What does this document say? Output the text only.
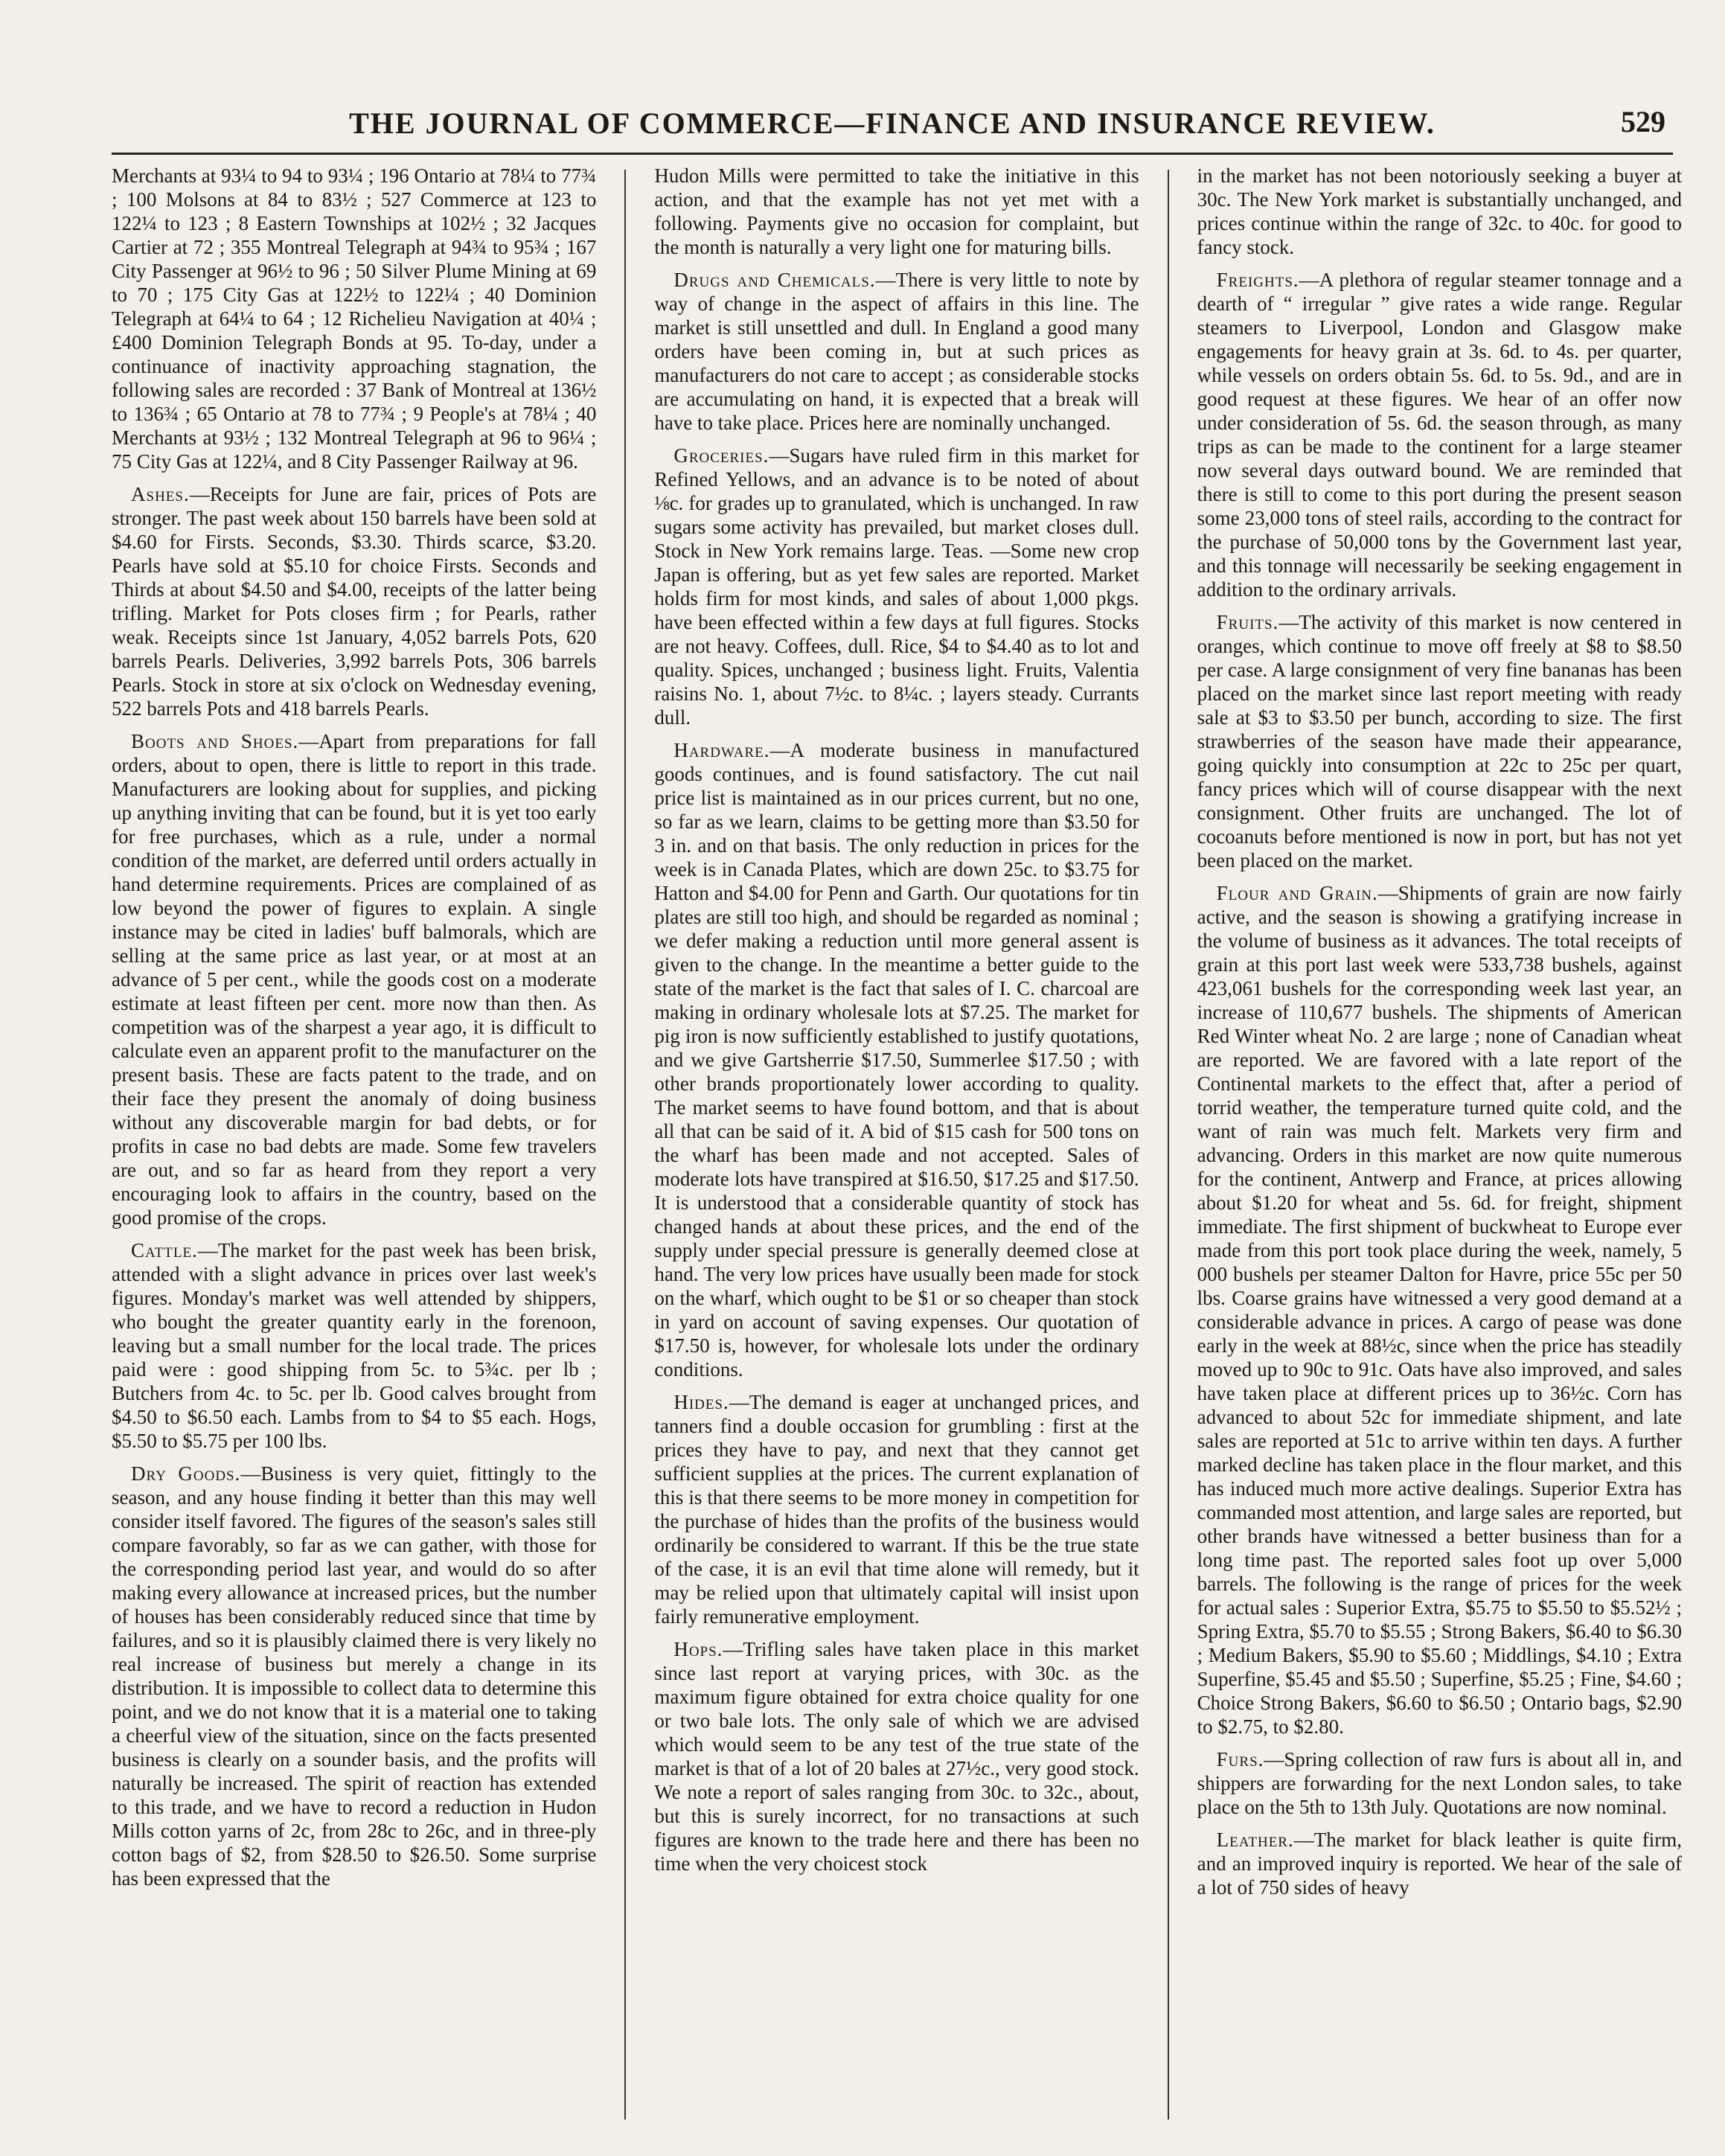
THE JOURNAL OF COMMERCE—FINANCE AND INSURANCE REVIEW.	529

Merchants at 93¼ to 94 to 93¼ ; 196 Ontario at 78¼ to 77¾ ; 100 Molsons at 84 to 83½ ; 527 Commerce at 123 to 122¼ to 123 ; 8 Eastern Townships at 102½ ; 32 Jacques Cartier at 72 ; 355 Montreal Telegraph at 94¾ to 95¾ ; 167 City Passenger at 96½ to 96 ; 50 Silver Plume Mining at 69 to 70 ; 175 City Gas at 122½ to 122¼ ; 40 Dominion Telegraph at 64¼ to 64 ; 12 Richelieu Navigation at 40¼ ; £400 Dominion Telegraph Bonds at 95. To-day, under a continuance of inactivity approaching stagnation, the following sales are recorded : 37 Bank of Montreal at 136½ to 136¾ ; 65 Ontario at 78 to 77¾ ; 9 People's at 78¼ ; 40 Merchants at 93½ ; 132 Montreal Telegraph at 96 to 96¼ ; 75 City Gas at 122¼, and 8 City Passenger Railway at 96.

Ashes.—Receipts for June are fair, prices of Pots are stronger. The past week about 150 barrels have been sold at $4.60 for Firsts. Seconds, $3.30. Thirds scarce, $3.20. Pearls have sold at $5.10 for choice Firsts. Seconds and Thirds at about $4.50 and $4.00, receipts of the latter being trifling. Market for Pots closes firm ; for Pearls, rather weak. Receipts since 1st January, 4,052 barrels Pots, 620 barrels Pearls. Deliveries, 3,992 barrels Pots, 306 barrels Pearls. Stock in store at six o'clock on Wednesday evening, 522 barrels Pots and 418 barrels Pearls.

Boots and Shoes.—Apart from preparations for fall orders, about to open, there is little to report in this trade. Manufacturers are looking about for supplies, and picking up anything inviting that can be found, but it is yet too early for free purchases, which as a rule, under a normal condition of the market, are deferred until orders actually in hand determine requirements. Prices are complained of as low beyond the power of figures to explain. A single instance may be cited in ladies' buff balmorals, which are selling at the same price as last year, or at most at an advance of 5 per cent., while the goods cost on a moderate estimate at least fifteen per cent. more now than then. As competition was of the sharpest a year ago, it is difficult to calculate even an apparent profit to the manufacturer on the present basis. These are facts patent to the trade, and on their face they present the anomaly of doing business without any discoverable margin for bad debts, or for profits in case no bad debts are made. Some few travelers are out, and so far as heard from they report a very encouraging look to affairs in the country, based on the good promise of the crops.

Cattle.—The market for the past week has been brisk, attended with a slight advance in prices over last week's figures. Monday's market was well attended by shippers, who bought the greater quantity early in the forenoon, leaving but a small number for the local trade. The prices paid were : good shipping from 5c. to 5¾c. per lb ; Butchers from 4c. to 5c. per lb. Good calves brought from $4.50 to $6.50 each. Lambs from to $4 to $5 each. Hogs, $5.50 to $5.75 per 100 lbs.

Dry Goods.—Business is very quiet, fittingly to the season, and any house finding it better than this may well consider itself favored. The figures of the season's sales still compare favorably, so far as we can gather, with those for the corresponding period last year, and would do so after making every allowance at increased prices, but the number of houses has been considerably reduced since that time by failures, and so it is plausibly claimed there is very likely no real increase of business but merely a change in its distribution. It is impossible to collect data to determine this point, and we do not know that it is a material one to taking a cheerful view of the situation, since on the facts presented business is clearly on a sounder basis, and the profits will naturally be increased. The spirit of reaction has extended to this trade, and we have to record a reduction in Hudon Mills cotton yarns of 2c, from 28c to 26c, and in three-ply cotton bags of $2, from $28.50 to $26.50. Some surprise has been expressed that the

Hudon Mills were permitted to take the initiative in this action, and that the example has not yet met with a following. Payments give no occasion for complaint, but the month is naturally a very light one for maturing bills.

Drugs and Chemicals.—There is very little to note by way of change in the aspect of affairs in this line. The market is still unsettled and dull. In England a good many orders have been coming in, but at such prices as manufacturers do not care to accept ; as considerable stocks are accumulating on hand, it is expected that a break will have to take place. Prices here are nominally unchanged.

Groceries.—Sugars have ruled firm in this market for Refined Yellows, and an advance is to be noted of about ⅛c. for grades up to granulated, which is unchanged. In raw sugars some activity has prevailed, but market closes dull. Stock in New York remains large. Teas. —Some new crop Japan is offering, but as yet few sales are reported. Market holds firm for most kinds, and sales of about 1,000 pkgs. have been effected within a few days at full figures. Stocks are not heavy. Coffees, dull. Rice, $4 to $4.40 as to lot and quality. Spices, unchanged ; business light. Fruits, Valentia raisins No. 1, about 7½c. to 8¼c. ; layers steady. Currants dull.

Hardware.—A moderate business in manufactured goods continues, and is found satisfactory. The cut nail price list is maintained as in our prices current, but no one, so far as we learn, claims to be getting more than $3.50 for 3 in. and on that basis. The only reduction in prices for the week is in Canada Plates, which are down 25c. to $3.75 for Hatton and $4.00 for Penn and Garth. Our quotations for tin plates are still too high, and should be regarded as nominal ; we defer making a reduction until more general assent is given to the change. In the meantime a better guide to the state of the market is the fact that sales of I. C. charcoal are making in ordinary wholesale lots at $7.25. The market for pig iron is now sufficiently established to justify quotations, and we give Gartsherrie $17.50, Summerlee $17.50 ; with other brands proportionately lower according to quality. The market seems to have found bottom, and that is about all that can be said of it. A bid of $15 cash for 500 tons on the wharf has been made and not accepted. Sales of moderate lots have transpired at $16.50, $17.25 and $17.50. It is understood that a considerable quantity of stock has changed hands at about these prices, and the end of the supply under special pressure is generally deemed close at hand. The very low prices have usually been made for stock on the wharf, which ought to be $1 or so cheaper than stock in yard on account of saving expenses. Our quotation of $17.50 is, however, for wholesale lots under the ordinary conditions.

Hides.—The demand is eager at unchanged prices, and tanners find a double occasion for grumbling : first at the prices they have to pay, and next that they cannot get sufficient supplies at the prices. The current explanation of this is that there seems to be more money in competition for the purchase of hides than the profits of the business would ordinarily be considered to warrant. If this be the true state of the case, it is an evil that time alone will remedy, but it may be relied upon that ultimately capital will insist upon fairly remunerative employment.

Hops.—Trifling sales have taken place in this market since last report at varying prices, with 30c. as the maximum figure obtained for extra choice quality for one or two bale lots. The only sale of which we are advised which would seem to be any test of the true state of the market is that of a lot of 20 bales at 27½c., very good stock. We note a report of sales ranging from 30c. to 32c., about, but this is surely incorrect, for no transactions at such figures are known to the trade here and there has been no time when the very choicest stock

in the market has not been notoriously seeking a buyer at 30c. The New York market is substantially unchanged, and prices continue within the range of 32c. to 40c. for good to fancy stock.

Freights.—A plethora of regular steamer tonnage and a dearth of “ irregular ” give rates a wide range. Regular steamers to Liverpool, London and Glasgow make engagements for heavy grain at 3s. 6d. to 4s. per quarter, while vessels on orders obtain 5s. 6d. to 5s. 9d., and are in good request at these figures. We hear of an offer now under consideration of 5s. 6d. the season through, as many trips as can be made to the continent for a large steamer now several days outward bound. We are reminded that there is still to come to this port during the present season some 23,000 tons of steel rails, according to the contract for the purchase of 50,000 tons by the Government last year, and this tonnage will necessarily be seeking engagement in addition to the ordinary arrivals.

Fruits.—The activity of this market is now centered in oranges, which continue to move off freely at $8 to $8.50 per case. A large consignment of very fine bananas has been placed on the market since last report meeting with ready sale at $3 to $3.50 per bunch, according to size. The first strawberries of the season have made their appearance, going quickly into consumption at 22c to 25c per quart, fancy prices which will of course disappear with the next consignment. Other fruits are unchanged. The lot of cocoanuts before mentioned is now in port, but has not yet been placed on the market.

Flour and Grain.—Shipments of grain are now fairly active, and the season is showing a gratifying increase in the volume of business as it advances. The total receipts of grain at this port last week were 533,738 bushels, against 423,061 bushels for the corresponding week last year, an increase of 110,677 bushels. The shipments of American Red Winter wheat No. 2 are large ; none of Canadian wheat are reported. We are favored with a late report of the Continental markets to the effect that, after a period of torrid weather, the temperature turned quite cold, and the want of rain was much felt. Markets very firm and advancing. Orders in this market are now quite numerous for the continent, Antwerp and France, at prices allowing about $1.20 for wheat and 5s. 6d. for freight, shipment immediate. The first shipment of buckwheat to Europe ever made from this port took place during the week, namely, 5 000 bushels per steamer Dalton for Havre, price 55c per 50 lbs. Coarse grains have witnessed a very good demand at a considerable advance in prices. A cargo of pease was done early in the week at 88½c, since when the price has steadily moved up to 90c to 91c. Oats have also improved, and sales have taken place at different prices up to 36½c. Corn has advanced to about 52c for immediate shipment, and late sales are reported at 51c to arrive within ten days. A further marked decline has taken place in the flour market, and this has induced much more active dealings. Superior Extra has commanded most attention, and large sales are reported, but other brands have witnessed a better business than for a long time past. The reported sales foot up over 5,000 barrels. The following is the range of prices for the week for actual sales : Superior Extra, $5.75 to $5.50 to $5.52½ ; Spring Extra, $5.70 to $5.55 ; Strong Bakers, $6.40 to $6.30 ; Medium Bakers, $5.90 to $5.60 ; Middlings, $4.10 ; Extra Superfine, $5.45 and $5.50 ; Superfine, $5.25 ; Fine, $4.60 ; Choice Strong Bakers, $6.60 to $6.50 ; Ontario bags, $2.90 to $2.75, to $2.80.

Furs.—Spring collection of raw furs is about all in, and shippers are forwarding for the next London sales, to take place on the 5th to 13th July. Quotations are now nominal.

Leather.—The market for black leather is quite firm, and an improved inquiry is reported. We hear of the sale of a lot of 750 sides of heavy
